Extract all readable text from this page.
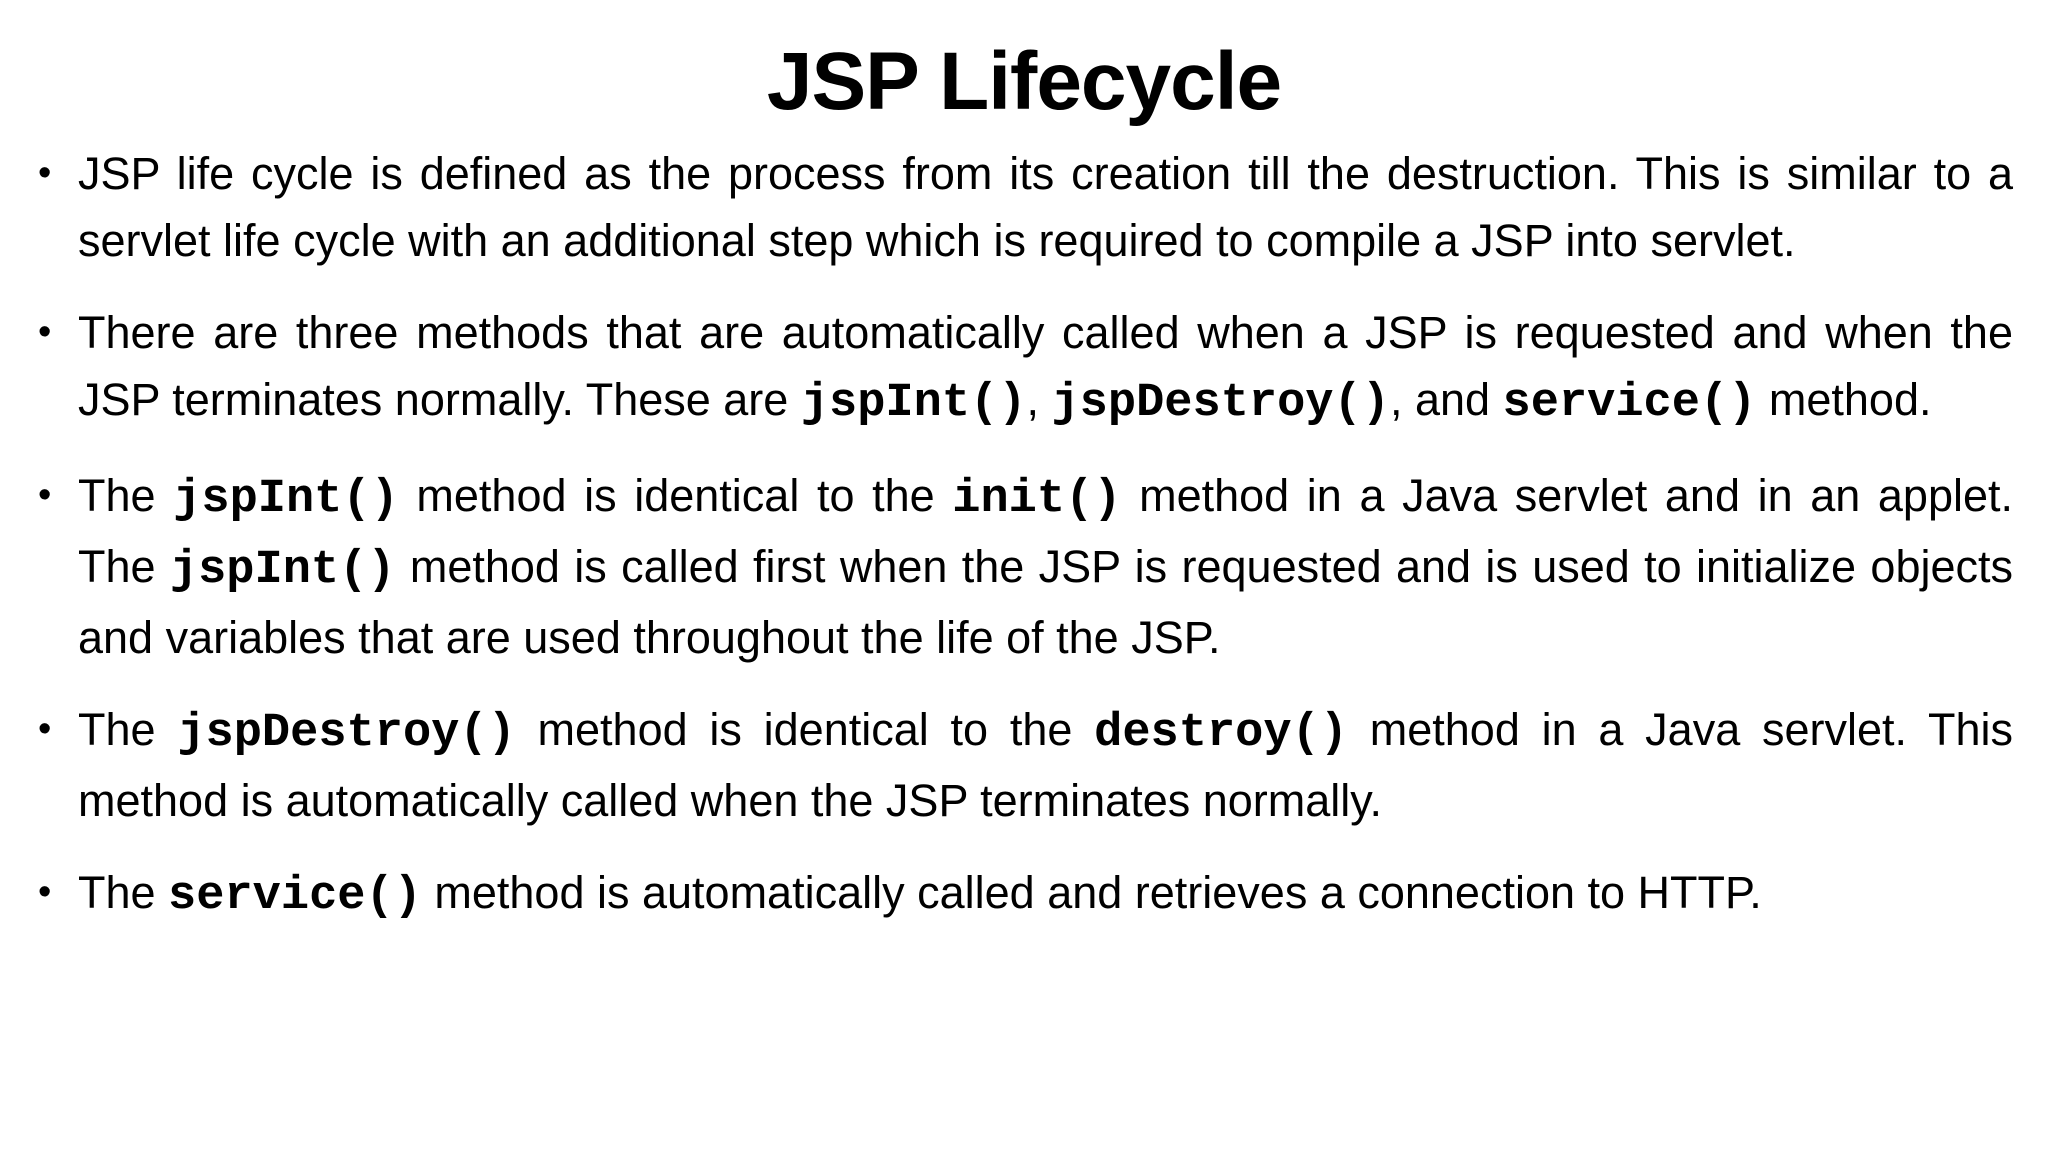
JSP Lifecycle
• JSP life cycle is defined as the process from its creation till the destruction. This is similar to a servlet life cycle with an additional step which is required to compile a JSP into servlet.
• There are three methods that are automatically called when a JSP is requested and when the JSP terminates normally. These are jspInt(), jspDestroy(), and service() method.
• The jspInt() method is identical to the init() method in a Java servlet and in an applet. The jspInt() method is called first when the JSP is requested and is used to initialize objects and variables that are used throughout the life of the JSP.
• The jspDestroy() method is identical to the destroy() method in a Java servlet. This method is automatically called when the JSP terminates normally.
• The service() method is automatically called and retrieves a connection to HTTP.
